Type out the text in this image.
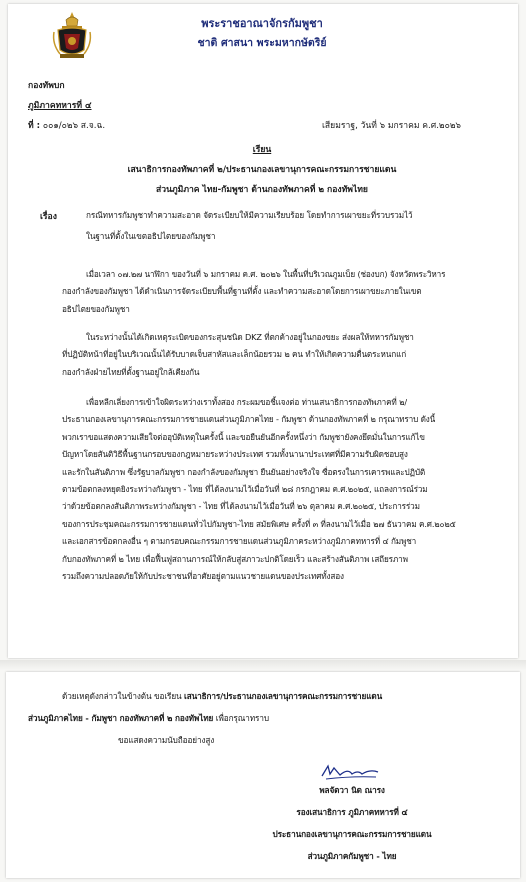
พระราชอาณาจักรกัมพูชา
ชาติ ศาสนา พระมหากษัตริย์
กองทัพบก
ภูมิภาคทหารที่ ๔
ที่ : ๐๐๑/๐๒๖ ส.จ.ฉ.	เสียมราฐ, วันที่ ๖ มกราคม ค.ศ.๒๐๒๖
เรียน
เสนาธิการกองทัพภาคที่ ๒/ประธานกองเลขานุการคณะกรรมการชายแดน
ส่วนภูมิภาค ไทย-กัมพูชา ด้านกองทัพภาคที่ ๒ กองทัพไทย
เรื่อง	กรณีทหารกัมพูชาทำความสะอาด จัดระเบียบให้มีความเรียบร้อย โดยทำการเผาขยะที่รวบรวมไว้
ในฐานที่ตั้งในเขตอธิปไตยของกัมพูชา
เมื่อเวลา ๐๗.๒๗ นาฬิกา ของวันที่ ๖ มกราคม ค.ศ. ๒๐๒๖ ในพื้นที่บริเวณภูมเบ็ย (ช่องบก) จังหวัดพระวิหาร
กองกำลังของกัมพูชา ได้ดำเนินการจัดระเบียบพื้นที่ฐานที่ตั้ง และทำความสะอาดโดยการเผาขยะภายในเขต
อธิปไตยของกัมพูชา
ในระหว่างนั้นได้เกิดเหตุระเบิดของกระสุนชนิด DKZ ที่ตกค้างอยู่ในกองขยะ ส่งผลให้ทหารกัมพูชา
ที่ปฏิบัติหน้าที่อยู่ในบริเวณนั้นได้รับบาดเจ็บสาหัสและเล็กน้อยรวม ๒ คน ทำให้เกิดความตื่นตระหนกแก่
กองกำลังฝ่ายไทยที่ตั้งฐานอยู่ใกล้เคียงกัน
เพื่อหลีกเลี่ยงการเข้าใจผิดระหว่างเราทั้งสอง กระผมขอชี้แจงต่อ ท่านเสนาธิการกองทัพภาคที่ ๒/
ประธานกองเลขานุการคณะกรรมการชายแดนส่วนภูมิภาคไทย - กัมพูชา ด้านกองทัพภาคที่ ๒ กรุณาทราบ ดังนี้
พวกเราขอแสดงความเสียใจต่ออุบัติเหตุในครั้งนี้ และขอยืนยันอีกครั้งหนึ่งว่า กัมพูชายังคงยึดมั่นในการแก้ไข
ปัญหาโดยสันติวิธีพื้นฐานกรอบของกฎหมายระหว่างประเทศ รวมทั้งนานาประเทศที่มีความรับผิดชอบสูง
และรักในสันติภาพ ซึ่งรัฐบาลกัมพูชา กองกำลังของกัมพูชา ยืนยันอย่างจริงใจ ซื่อตรงในการเคารพและปฏิบัติ
ตามข้อตกลงหยุดยิงระหว่างกัมพูชา - ไทย ที่ได้ลงนามไว้เมื่อวันที่ ๒๘ กรกฎาคม ค.ศ.๒๐๒๕, แถลงการณ์ร่วม
ว่าด้วยข้อตกลงสันติภาพระหว่างกัมพูชา - ไทย ที่ได้ลงนามไว้เมื่อวันที่ ๒๖ ตุลาคม ค.ศ.๒๐๒๕, ประการร่วม
ของการประชุมคณะกรรมการชายแดนทั่วไปกัมพูชา-ไทย สมัยพิเศษ ครั้งที่ ๓ ที่ลงนามไว้เมื่อ ๒๗ ธันวาคม ค.ศ.๒๐๒๕
และเอกสารข้อตกลงอื่น ๆ ตามกรอบคณะกรรมการชายแดนส่วนภูมิภาคระหว่างภูมิภาคทหารที่ ๔ กัมพูชา
กับกองทัพภาคที่ ๒ ไทย เพื่อฟื้นฟูสถานการณ์ให้กลับสู่สภาวะปกติโดยเร็ว และสร้างสันติภาพ เสถียรภาพ
รวมถึงความปลอดภัยให้กับประชาชนที่อาศัยอยู่ตามแนวชายแดนของประเทศทั้งสอง
ด้วยเหตุดังกล่าวในข้างต้น ขอเรียน เสนาธิการ/ประธานกองเลขานุการคณะกรรมการชายแดน
ส่วนภูมิภาคไทย - กัมพูชา กองทัพภาคที่ ๒ กองทัพไทย เพื่อกรุณาทราบ
ขอแสดงความนับถืออย่างสูง
พลจัตวา นิด ณารง
รองเสนาธิการ ภูมิภาคทหารที่ ๔
ประธานกองเลขานุการคณะกรรมการชายแดน
ส่วนภูมิภาคกัมพูชา - ไทย
